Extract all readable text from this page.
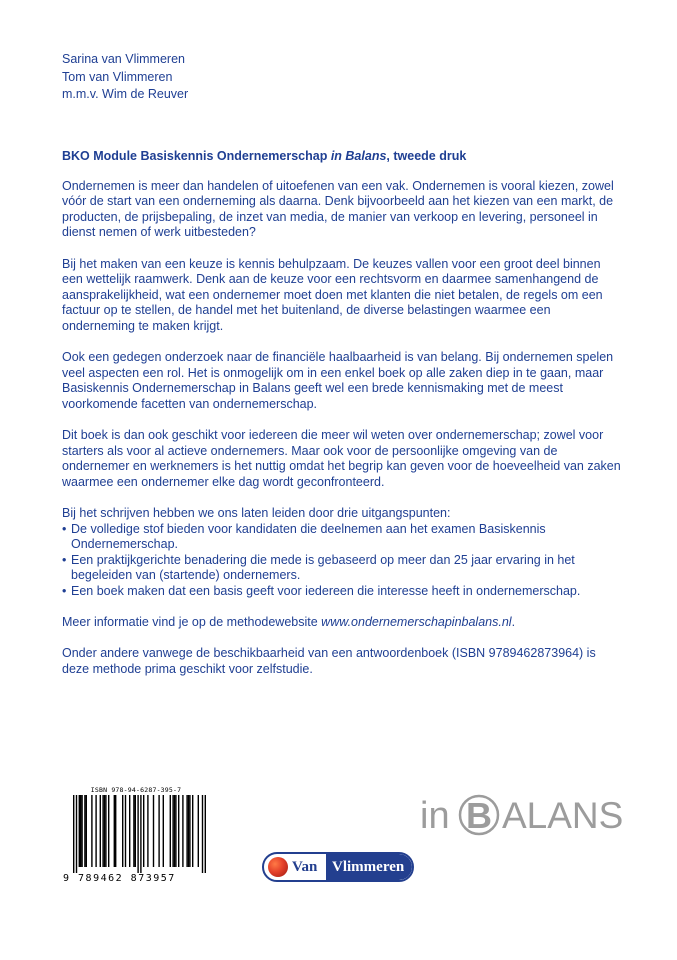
Sarina van Vlimmeren
Tom van Vlimmeren
m.m.v. Wim de Reuver
BKO Module Basiskennis Ondernemerschap in Balans, tweede druk

Ondernemen is meer dan handelen of uitoefenen van een vak. Ondernemen is vooral kiezen, zowel vóór de start van een onderneming als daarna. Denk bijvoorbeeld aan het kiezen van een markt, de producten, de prijsbepaling, de inzet van media, de manier van verkoop en levering, personeel in dienst nemen of werk uitbesteden?

Bij het maken van een keuze is kennis behulpzaam. De keuzes vallen voor een groot deel binnen een wettelijk raamwerk. Denk aan de keuze voor een rechtsvorm en daarmee samenhangend de aansprakelijkheid, wat een ondernemer moet doen met klanten die niet betalen, de regels om een factuur op te stellen, de handel met het buitenland, de diverse belastingen waarmee een onderneming te maken krijgt.

Ook een gedegen onderzoek naar de financiële haalbaarheid is van belang. Bij ondernemen spelen veel aspecten een rol. Het is onmogelijk om in een enkel boek op alle zaken diep in te gaan, maar Basiskennis Ondernemerschap in Balans geeft wel een brede kennismaking met de meest voorkomende facetten van ondernemerschap.

Dit boek is dan ook geschikt voor iedereen die meer wil weten over ondernemerschap; zowel voor starters als voor al actieve ondernemers. Maar ook voor de persoonlijke omgeving van de ondernemer en werknemers is het nuttig omdat het begrip kan geven voor de hoeveelheid van zaken waarmee een ondernemer elke dag wordt geconfronteerd.

Bij het schrijven hebben we ons laten leiden door drie uitgangspunten:
• De volledige stof bieden voor kandidaten die deelnemen aan het examen Basiskennis Ondernemerschap.
• Een praktijkgerichte benadering die mede is gebaseerd op meer dan 25 jaar ervaring in het begeleiden van (startende) ondernemers.
• Een boek maken dat een basis geeft voor iedereen die interesse heeft in ondernemerschap.

Meer informatie vind je op de methodewebsite www.ondernemerschapinbalans.nl.

Onder andere vanwege de beschikbaarheid van een antwoordenboek (ISBN 9789462873964) is deze methode prima geschikt voor zelfstudie.

ISBN 978-94-6287-395-7
9 789462 873957
in B ALANS
Van Vlimmeren
